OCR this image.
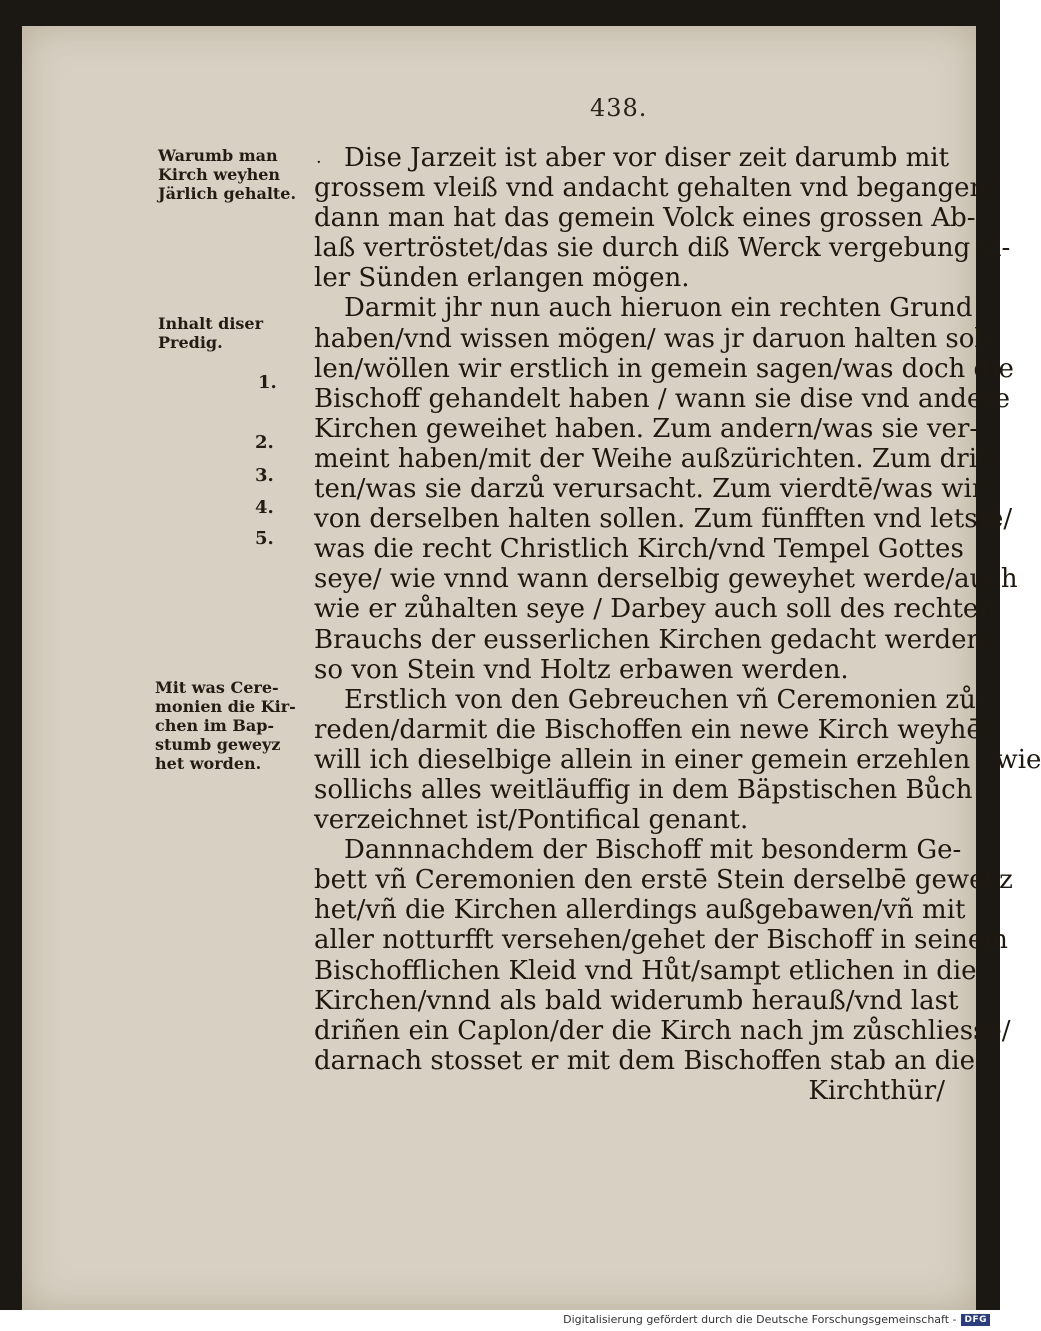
438.
Warumb man
Kirch weyhen
Järlich gehalte.
Inhalt diser
Predig.
Mit was Cere-
monien die Kir-
chen im Bap-
stumb geweyz
het worden.
·
1.
2.
3.
4.
5.
Dise Jarzeit ist aber vor diser zeit darumb mit
grossem vleiß vnd andacht gehalten vnd begangen/
dann man hat das gemein Volck eines grossen Ab-
laß vertröstet/das sie durch diß Werck vergebung vi-
ler Sünden erlangen mögen.
Darmit jhr nun auch hieruon ein rechten Grund
haben/vnd wissen mögen/ was jr daruon halten sol-
len/wöllen wir erstlich in gemein sagen/was doch die
Bischoff gehandelt haben / wann sie dise vnd andere
Kirchen geweihet haben. Zum andern/was sie ver-
meint haben/mit der Weihe außzürichten. Zum drit-
ten/was sie darzů verursacht. Zum vierdtē/was wir
von derselben halten sollen. Zum fünfften vnd letstē/
was die recht Christlich Kirch/vnd Tempel Gottes
seye/ wie vnnd wann derselbig geweyhet werde/auch
wie er zůhalten seye / Darbey auch soll des rechten
Brauchs der eusserlichen Kirchen gedacht werden/
so von Stein vnd Holtz erbawen werden.
Erstlich von den Gebreuchen vñ Ceremonien zů-
reden/darmit die Bischoffen ein newe Kirch weyhē/
will ich dieselbige allein in einer gemein erzehlen / wie
sollichs alles weitläuffig in dem Bäpstischen Bůch
verzeichnet ist/Pontifical genant.
Dannnachdem der Bischoff mit besonderm Ge-
bett vñ Ceremonien den erstē Stein derselbē geweyz
het/vñ die Kirchen allerdings außgebawen/vñ mit
aller notturfft versehen/gehet der Bischoff in seinem
Bischofflichen Kleid vnd Hůt/sampt etlichen in die
Kirchen/vnnd als bald widerumb herauß/vnd last
driñen ein Caplon/der die Kirch nach jm zůschliesse/
darnach stosset er mit dem Bischoffen stab an die
Kirchthür/
Digitalisierung gefördert durch die Deutsche Forschungsgemeinschaft - DFG
